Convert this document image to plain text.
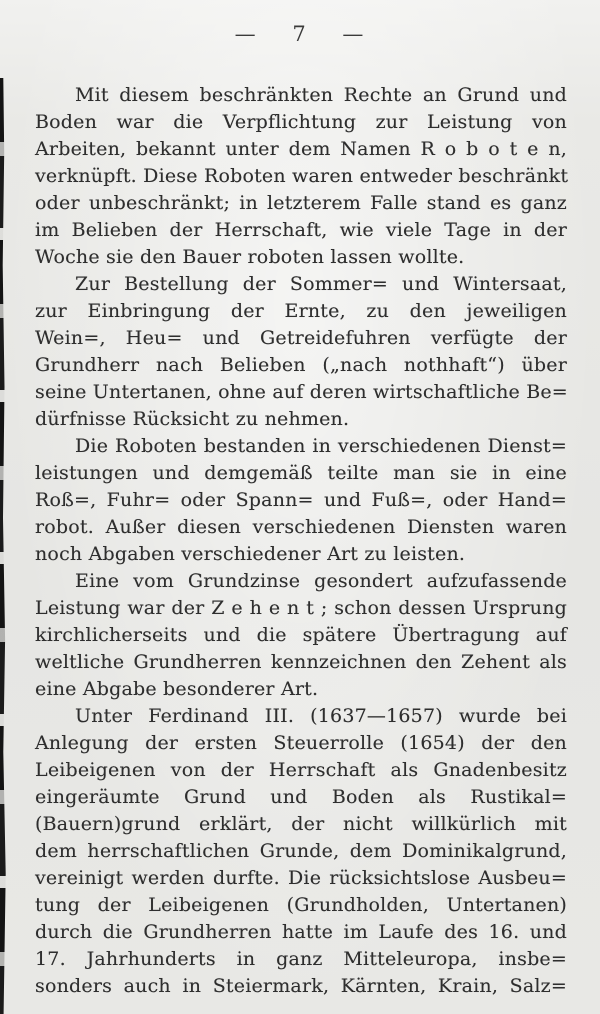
— 7 —

Mit diesem beschränkten Rechte an Grund und
Boden war die Verpflichtung zur Leistung von
Arbeiten, bekannt unter dem Namen R o b o t e n,
verknüpft. Diese Roboten waren entweder beschränkt
oder unbeschränkt; in letzterem Falle stand es ganz
im Belieben der Herrschaft, wie viele Tage in der
Woche sie den Bauer roboten lassen wollte.

Zur Bestellung der Sommer= und Wintersaat,
zur Einbringung der Ernte, zu den jeweiligen
Wein=, Heu= und Getreidefuhren verfügte der
Grundherr nach Belieben („nach nothhaft“) über
seine Untertanen, ohne auf deren wirtschaftliche Be=
dürfnisse Rücksicht zu nehmen.

Die Roboten bestanden in verschiedenen Dienst=
leistungen und demgemäß teilte man sie in eine
Roß=, Fuhr= oder Spann= und Fuß=, oder Hand=
robot. Außer diesen verschiedenen Diensten waren
noch Abgaben verschiedener Art zu leisten.

Eine vom Grundzinse gesondert aufzufassende
Leistung war der Z e h e n t ; schon dessen Ursprung
kirchlicherseits und die spätere Übertragung auf
weltliche Grundherren kennzeichnen den Zehent als
eine Abgabe besonderer Art.

Unter Ferdinand III. (1637—1657) wurde bei
Anlegung der ersten Steuerrolle (1654) der den
Leibeigenen von der Herrschaft als Gnadenbesitz
eingeräumte Grund und Boden als Rustikal=
(Bauern)grund erklärt, der nicht willkürlich mit
dem herrschaftlichen Grunde, dem Dominikalgrund,
vereinigt werden durfte. Die rücksichtslose Ausbeu=
tung der Leibeigenen (Grundholden, Untertanen)
durch die Grundherren hatte im Laufe des 16. und
17. Jahrhunderts in ganz Mitteleuropa, insbe=
sonders auch in Steiermark, Kärnten, Krain, Salz=
